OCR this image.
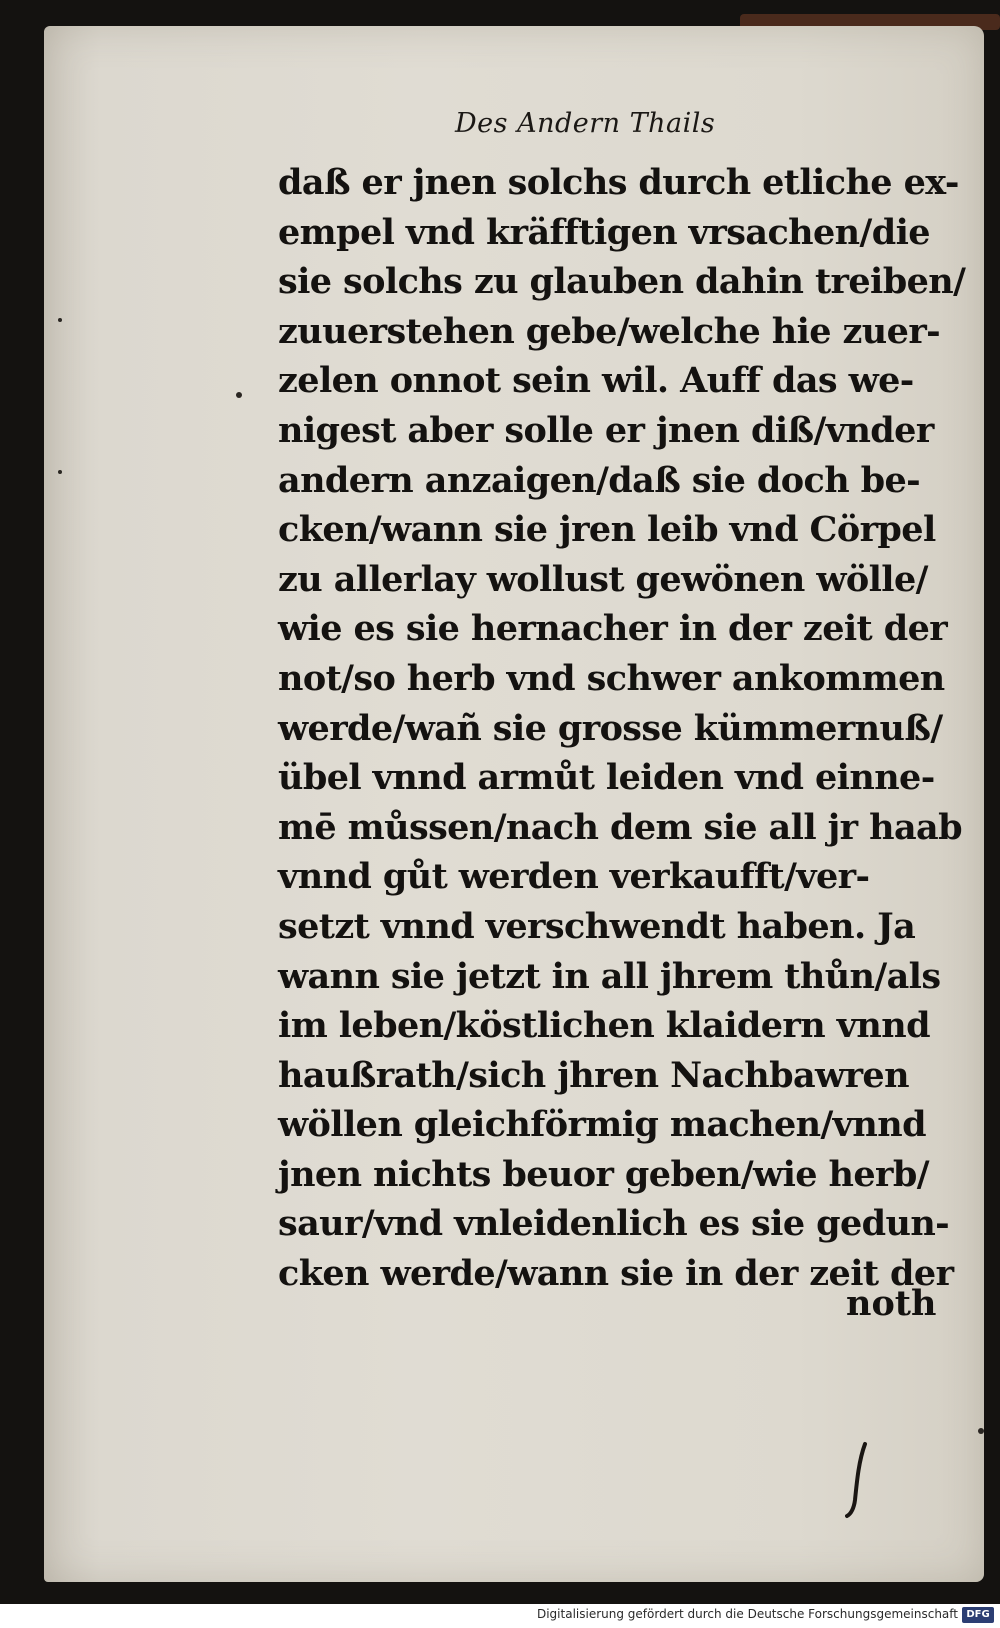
Des Andern Thails
daß er jnen solchs durch etliche ex-
empel vnd kräfftigen vrsachen/die
sie solchs zu glauben dahin treiben/
zuuerstehen gebe/welche hie zuer-
zelen onnot sein wil. Auff das we-
nigest aber solle er jnen diß/vnder
andern anzaigen/daß sie doch be-
cken/wann sie jren leib vnd Cörpel
zu allerlay wollust gewönen wölle/
wie es sie hernacher in der zeit der
not/so herb vnd schwer ankommen
werde/wañ sie grosse kümmernuß/
übel vnnd armůt leiden vnd einne-
mē můssen/nach dem sie all jr haab
vnnd gůt werden verkaufft/ver-
setzt vnnd verschwendt haben. Ja
wann sie jetzt in all jhrem thůn/als
im leben/köstlichen klaidern vnnd
haußrath/sich jhren Nachbawren
wöllen gleichförmig machen/vnnd
jnen nichts beuor geben/wie herb/
saur/vnd vnleidenlich es sie gedun-
cken werde/wann sie in der zeit der
noth
Digitalisierung gefördert durch die Deutsche Forschungsgemeinschaft DFG
